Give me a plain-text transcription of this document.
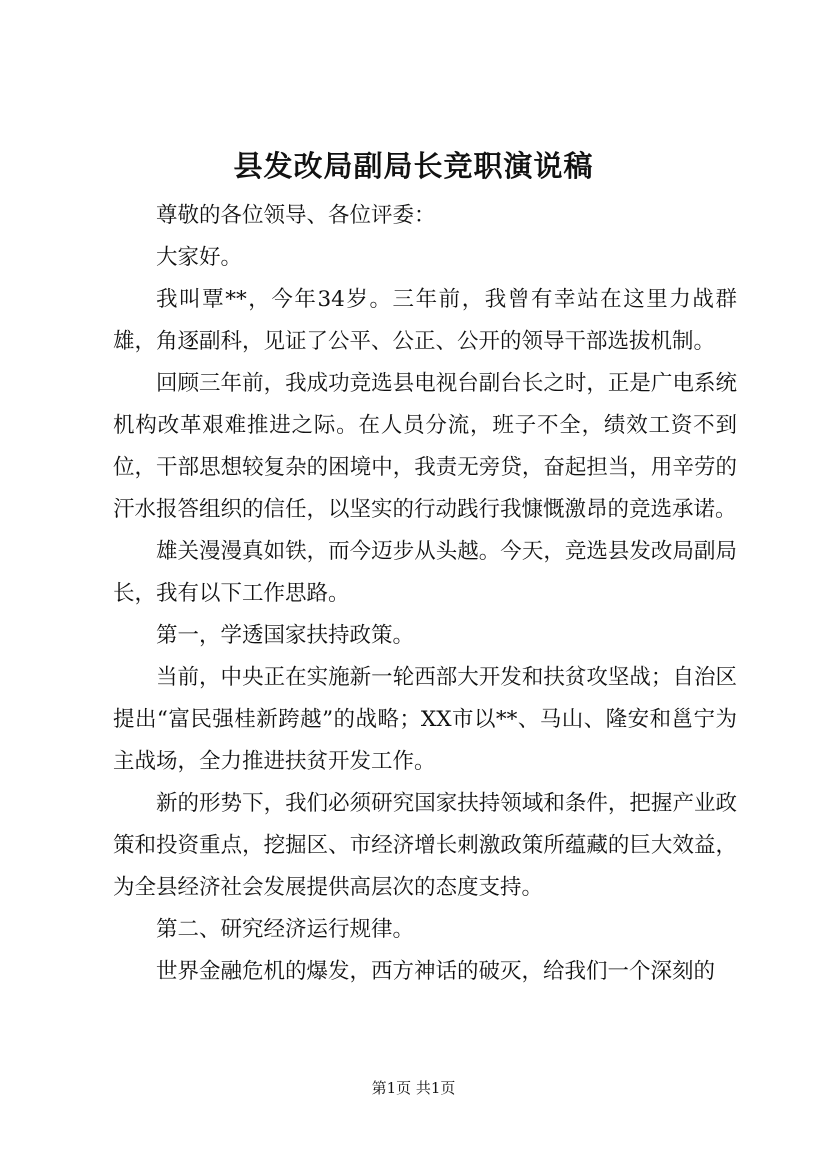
县发改局副局长竞职演说稿

尊敬的各位领导、各位评委：

大家好。

我叫覃**，今年34岁。三年前，我曾有幸站在这里力战群雄，角逐副科，见证了公平、公正、公开的领导干部选拔机制。

回顾三年前，我成功竞选县电视台副台长之时，正是广电系统机构改革艰难推进之际。在人员分流，班子不全，绩效工资不到位，干部思想较复杂的困境中，我责无旁贷，奋起担当，用辛劳的汗水报答组织的信任，以坚实的行动践行我慷慨激昂的竞选承诺。

雄关漫漫真如铁，而今迈步从头越。今天，竞选县发改局副局长，我有以下工作思路。

第一，学透国家扶持政策。

当前，中央正在实施新一轮西部大开发和扶贫攻坚战；自治区提出“富民强桂新跨越”的战略；XX市以**、马山、隆安和邕宁为主战场，全力推进扶贫开发工作。

新的形势下，我们必须研究国家扶持领域和条件，把握产业政策和投资重点，挖掘区、市经济增长刺激政策所蕴藏的巨大效益，为全县经济社会发展提供高层次的态度支持。

第二、研究经济运行规律。

世界金融危机的爆发，西方神话的破灭，给我们一个深刻的

第1页 共1页
